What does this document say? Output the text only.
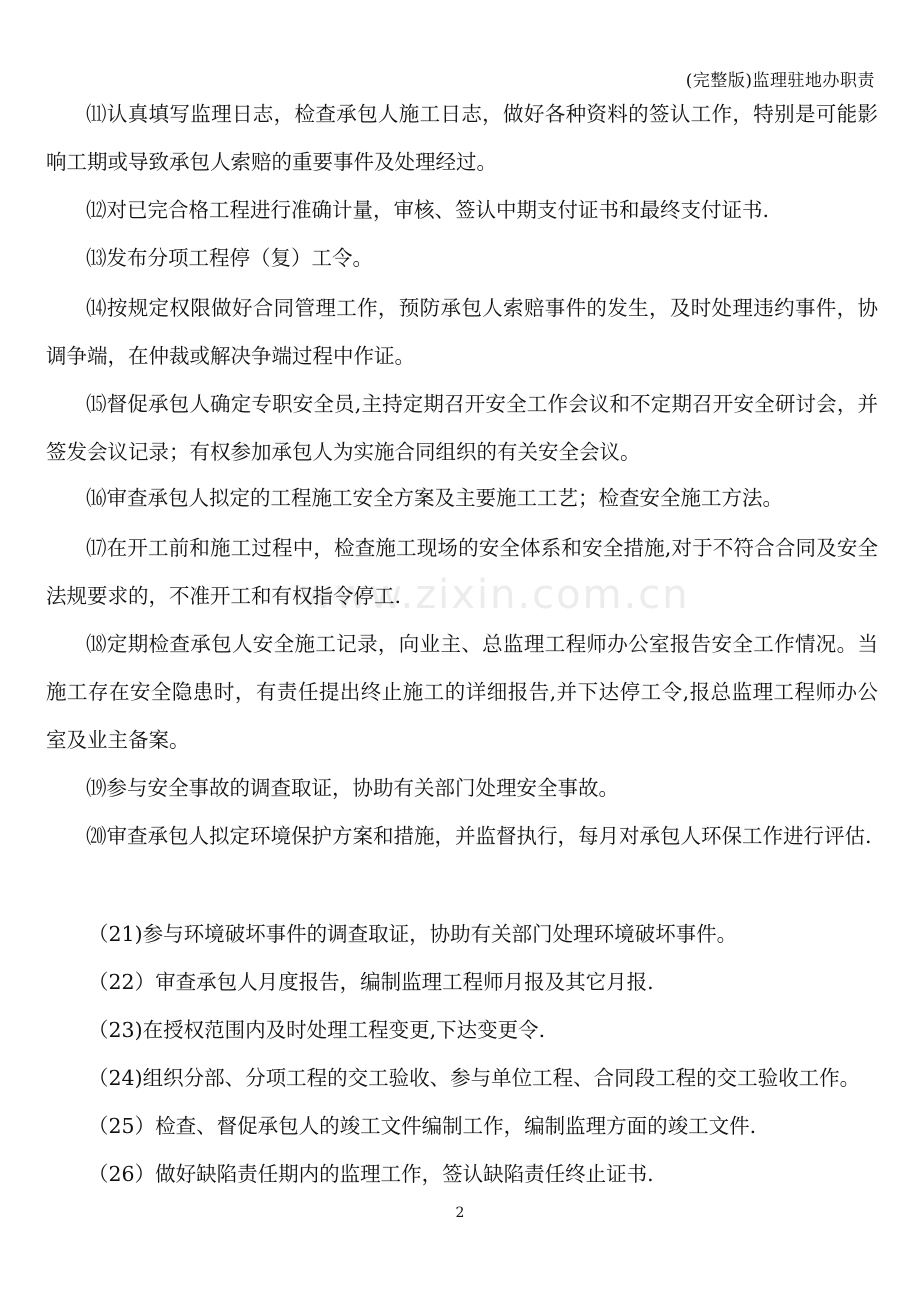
(完整版)监理驻地办职责
www.zixin.com.cn

⑾认真填写监理日志，检查承包人施工日志，做好各种资料的签认工作，特别是可能影响工期或导致承包人索赔的重要事件及处理经过。

⑿对已完合格工程进行准确计量，审核、签认中期支付证书和最终支付证书.

⒀发布分项工程停（复）工令。

⒁按规定权限做好合同管理工作，预防承包人索赔事件的发生，及时处理违约事件，协调争端，在仲裁或解决争端过程中作证。

⒂督促承包人确定专职安全员,主持定期召开安全工作会议和不定期召开安全研讨会，并签发会议记录；有权参加承包人为实施合同组织的有关安全会议。

⒃审查承包人拟定的工程施工安全方案及主要施工工艺；检查安全施工方法。

⒄在开工前和施工过程中，检查施工现场的安全体系和安全措施,对于不符合合同及安全法规要求的，不准开工和有权指令停工.

⒅定期检查承包人安全施工记录，向业主、总监理工程师办公室报告安全工作情况。当施工存在安全隐患时，有责任提出终止施工的详细报告,并下达停工令,报总监理工程师办公室及业主备案。

⒆参与安全事故的调查取证，协助有关部门处理安全事故。

⒇审查承包人拟定环境保护方案和措施，并监督执行，每月对承包人环保工作进行评估.

（21)参与环境破坏事件的调查取证，协助有关部门处理环境破坏事件。

（22）审查承包人月度报告，编制监理工程师月报及其它月报.

（23)在授权范围内及时处理工程变更,下达变更令.

（24)组织分部、分项工程的交工验收、参与单位工程、合同段工程的交工验收工作。

（25）检查、督促承包人的竣工文件编制工作，编制监理方面的竣工文件.

（26）做好缺陷责任期内的监理工作，签认缺陷责任终止证书.

2
